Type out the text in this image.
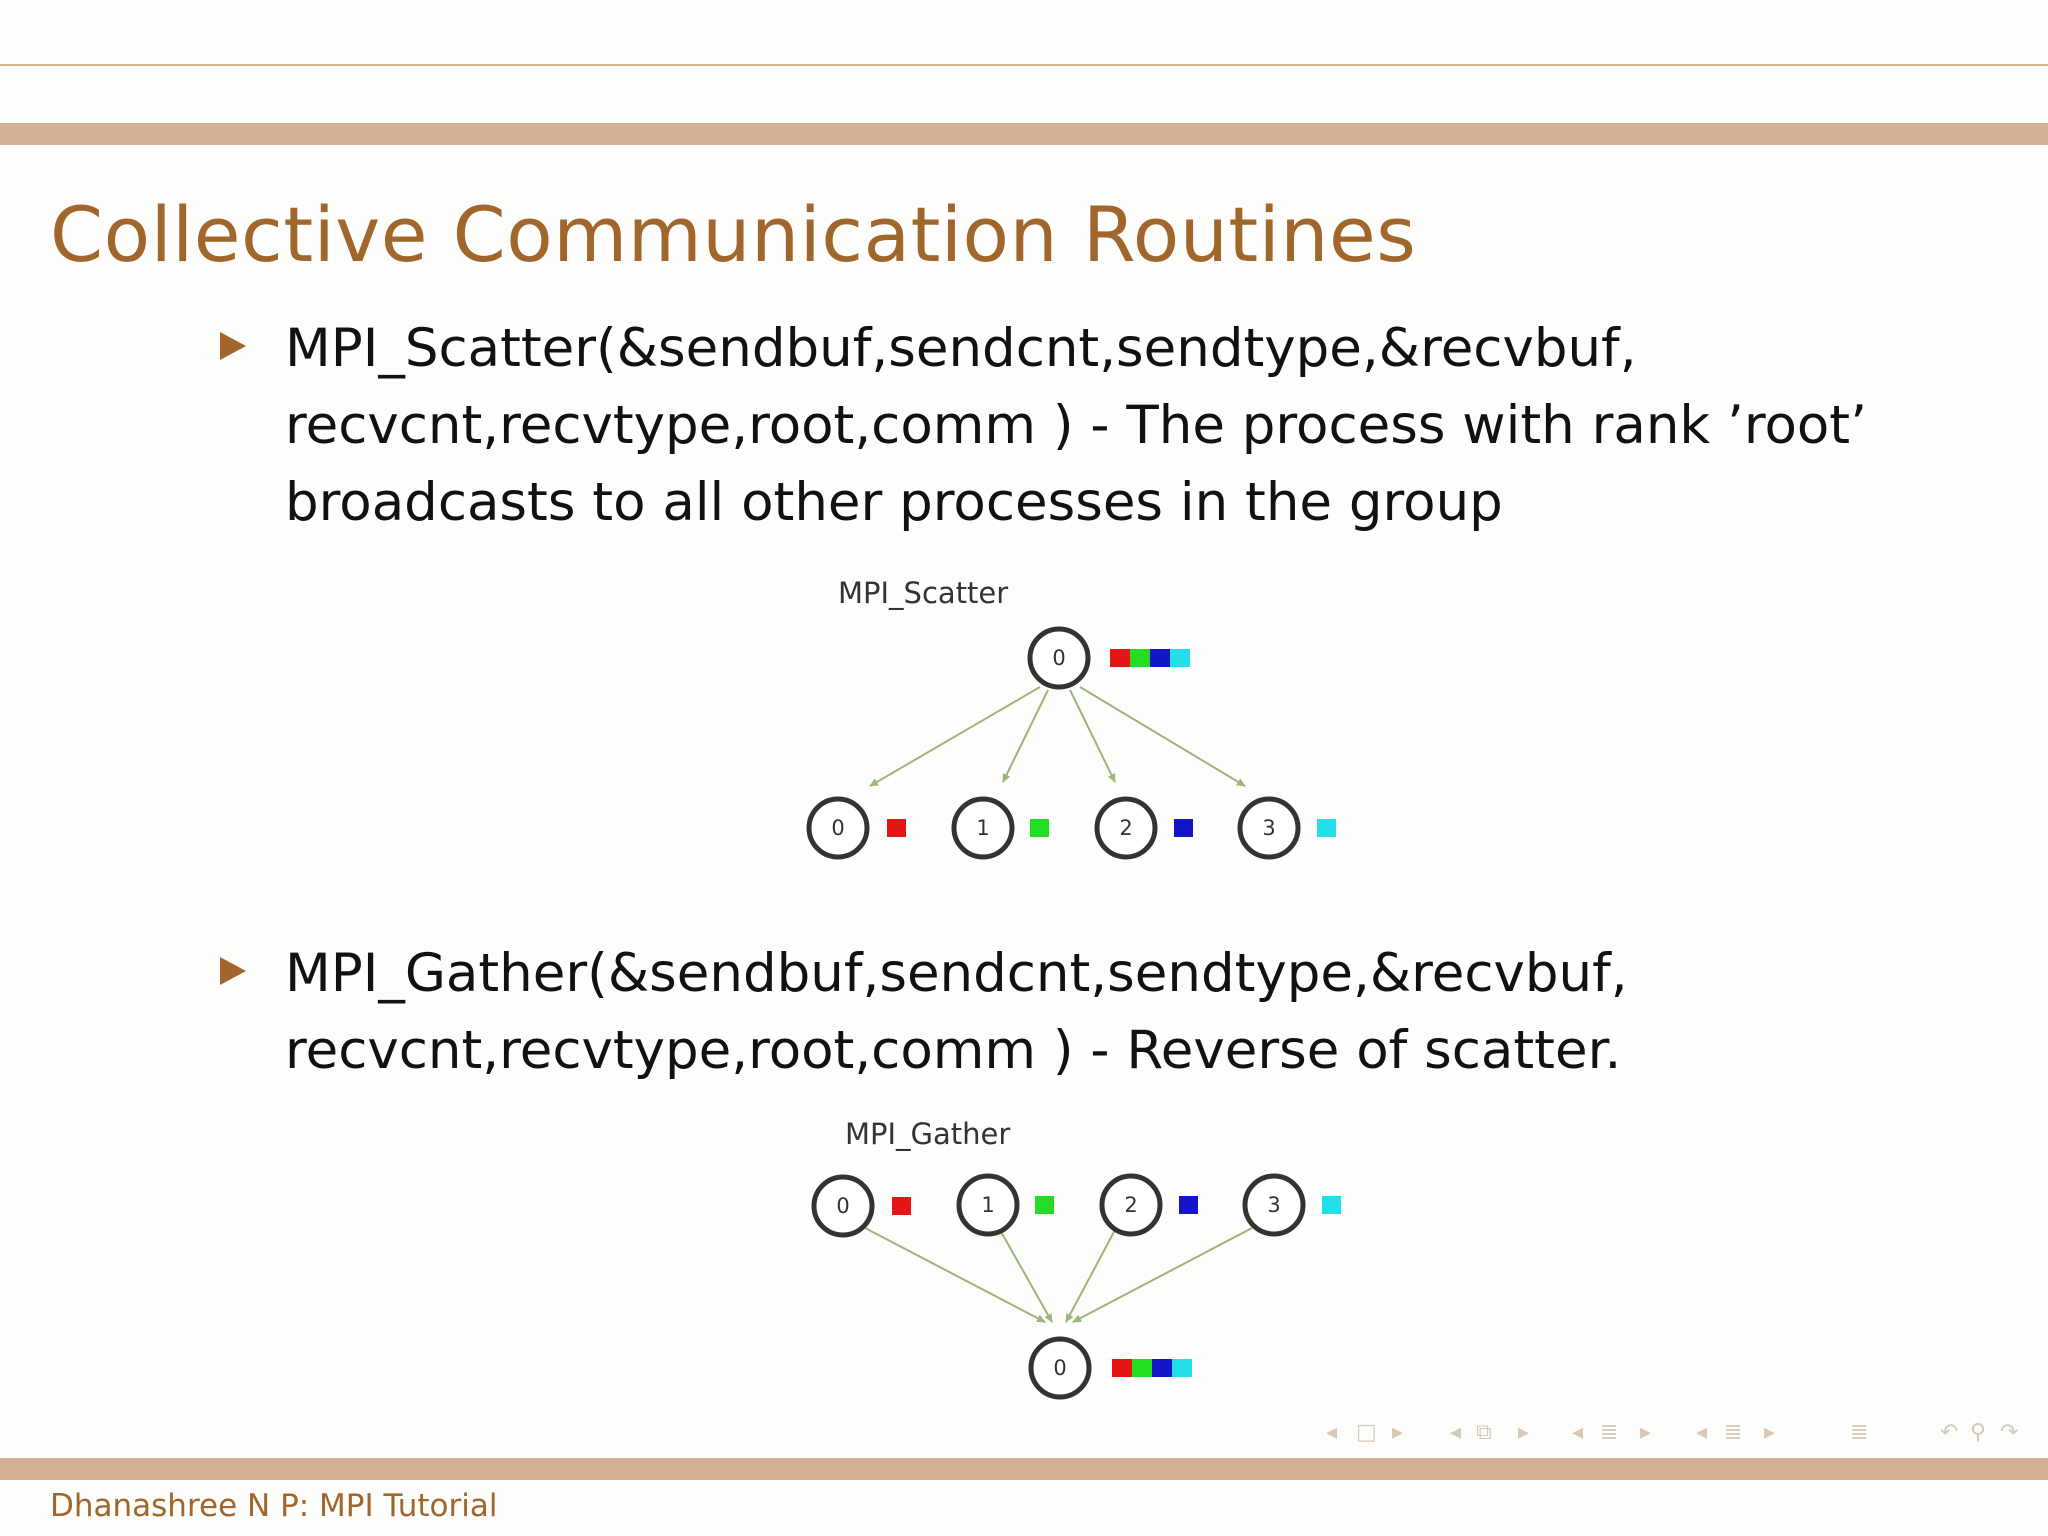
Collective Communication Routines
MPI_Scatter(&sendbuf,sendcnt,sendtype,&recvbuf,
recvcnt,recvtype,root,comm ) - The process with rank ’root’
broadcasts to all other processes in the group
MPI_Scatter
0
0	1	2	3
MPI_Gather(&sendbuf,sendcnt,sendtype,&recvbuf,
recvcnt,recvtype,root,comm ) - Reverse of scatter.
MPI_Gather
0	1	2	3
0
◂ □ ▸ ◂ ⧉ ▸ ◂ ≣ ▸ ◂ ≣ ▸	≣	↶ ⚲ ↷
Dhanashree N P: MPI Tutorial
